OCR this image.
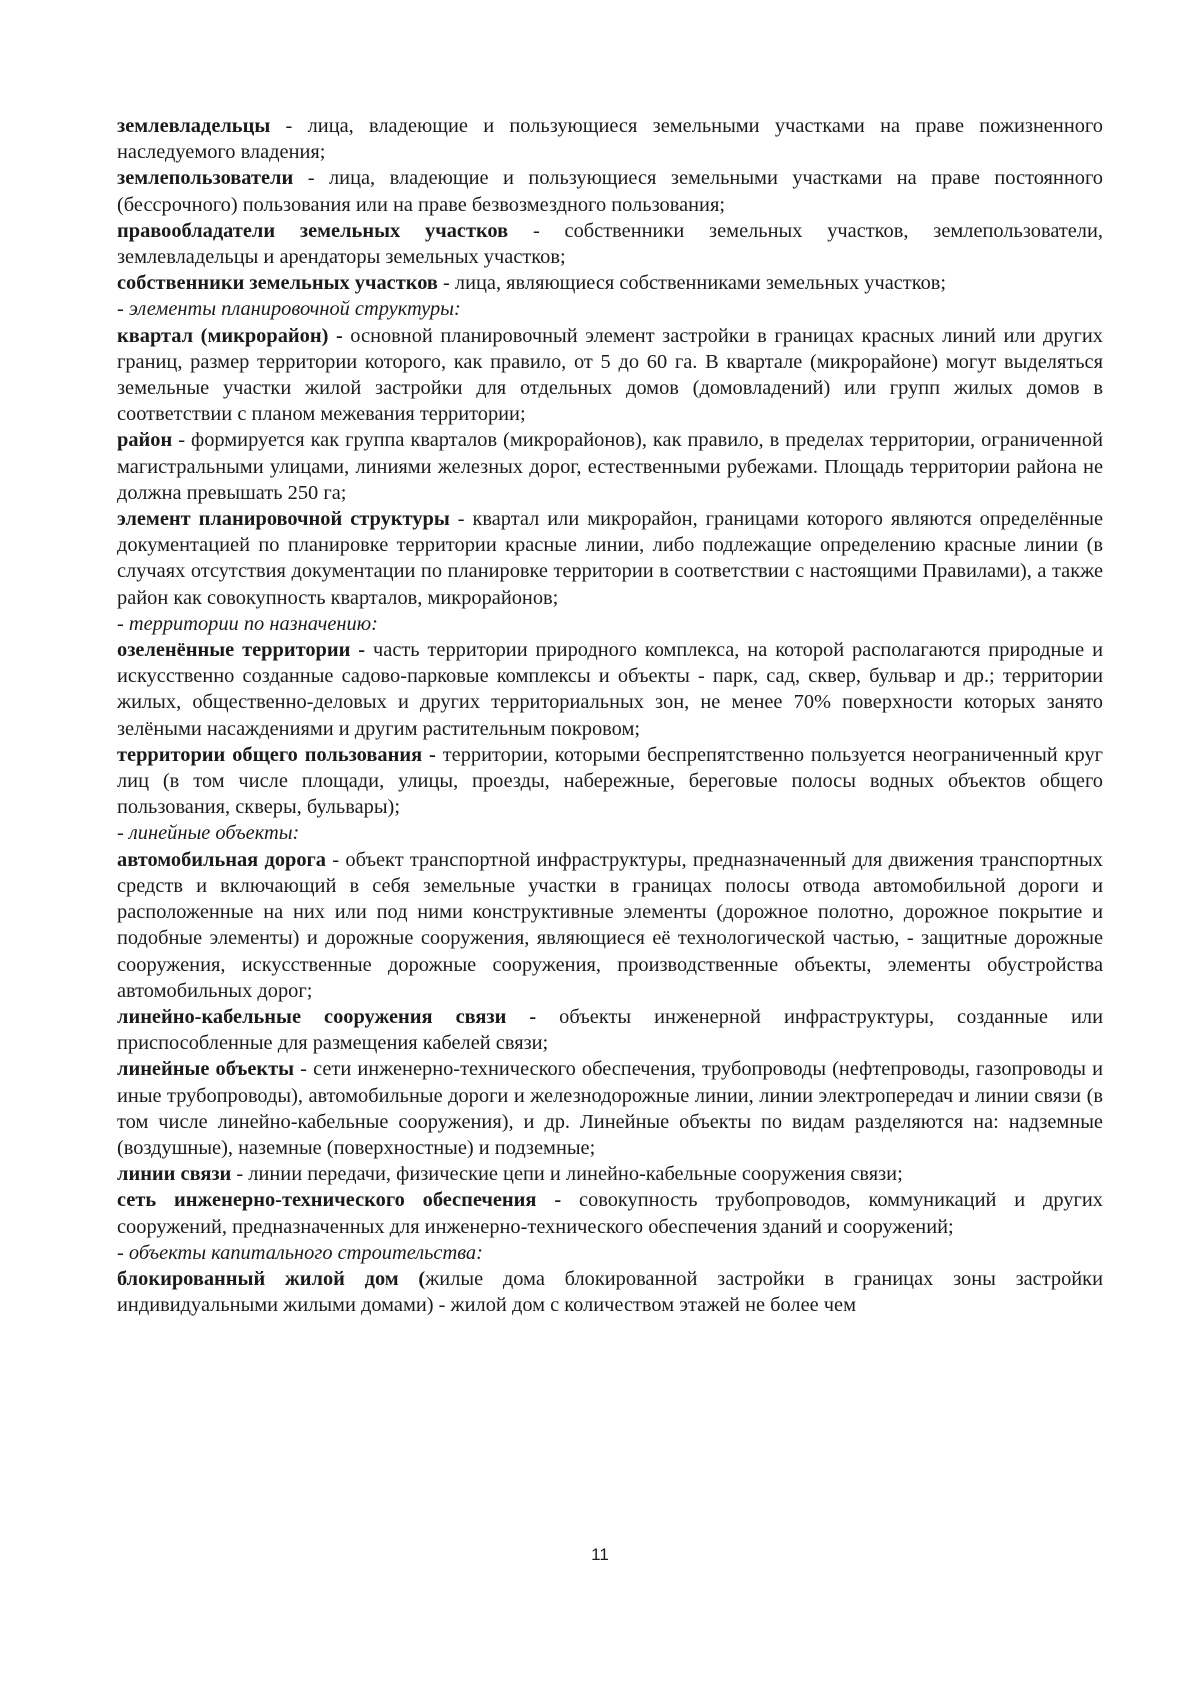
землевладельцы - лица, владеющие и пользующиеся земельными участками на праве пожизненного наследуемого владения;

землепользователи - лица, владеющие и пользующиеся земельными участками на праве постоянного (бессрочного) пользования или на праве безвозмездного пользования;

правообладатели земельных участков - собственники земельных участков, землепользователи, землевладельцы и арендаторы земельных участков;

собственники земельных участков - лица, являющиеся собственниками земельных участков;

- элементы планировочной структуры:

квартал (микрорайон) - основной планировочный элемент застройки в границах красных линий или других границ, размер территории которого, как правило, от 5 до 60 га. В квартале (микрорайоне) могут выделяться земельные участки жилой застройки для отдельных домов (домовладений) или групп жилых домов в соответствии с планом межевания территории;

район - формируется как группа кварталов (микрорайонов), как правило, в пределах территории, ограниченной магистральными улицами, линиями железных дорог, естественными рубежами. Площадь территории района не должна превышать 250 га;

элемент планировочной структуры - квартал или микрорайон, границами которого являются определённые документацией по планировке территории красные линии, либо подлежащие определению красные линии (в случаях отсутствия документации по планировке территории в соответствии с настоящими Правилами), а также район как совокупность кварталов, микрорайонов;

- территории по назначению:

озеленённые территории - часть территории природного комплекса, на которой располагаются природные и искусственно созданные садово-парковые комплексы и объекты - парк, сад, сквер, бульвар и др.; территории жилых, общественно-деловых и других территориальных зон, не менее 70% поверхности которых занято зелёными насаждениями и другим растительным покровом;

территории общего пользования - территории, которыми беспрепятственно пользуется неограниченный круг лиц (в том числе площади, улицы, проезды, набережные, береговые полосы водных объектов общего пользования, скверы, бульвары);

- линейные объекты:

автомобильная дорога - объект транспортной инфраструктуры, предназначенный для движения транспортных средств и включающий в себя земельные участки в границах полосы отвода автомобильной дороги и расположенные на них или под ними конструктивные элементы (дорожное полотно, дорожное покрытие и подобные элементы) и дорожные сооружения, являющиеся её технологической частью, - защитные дорожные сооружения, искусственные дорожные сооружения, производственные объекты, элементы обустройства автомобильных дорог;

линейно-кабельные сооружения связи - объекты инженерной инфраструктуры, созданные или приспособленные для размещения кабелей связи;

линейные объекты - сети инженерно-технического обеспечения, трубопроводы (нефтепроводы, газопроводы и иные трубопроводы), автомобильные дороги и железнодорожные линии, линии электропередач и линии связи (в том числе линейно-кабельные сооружения), и др. Линейные объекты по видам разделяются на: надземные (воздушные), наземные (поверхностные) и подземные;

линии связи - линии передачи, физические цепи и линейно-кабельные сооружения связи;

сеть инженерно-технического обеспечения - совокупность трубопроводов, коммуникаций и других сооружений, предназначенных для инженерно-технического обеспечения зданий и сооружений;

- объекты капитального строительства:

блокированный жилой дом (жилые дома блокированной застройки в границах зоны застройки индивидуальными жилыми домами) - жилой дом с количеством этажей не более чем

11
